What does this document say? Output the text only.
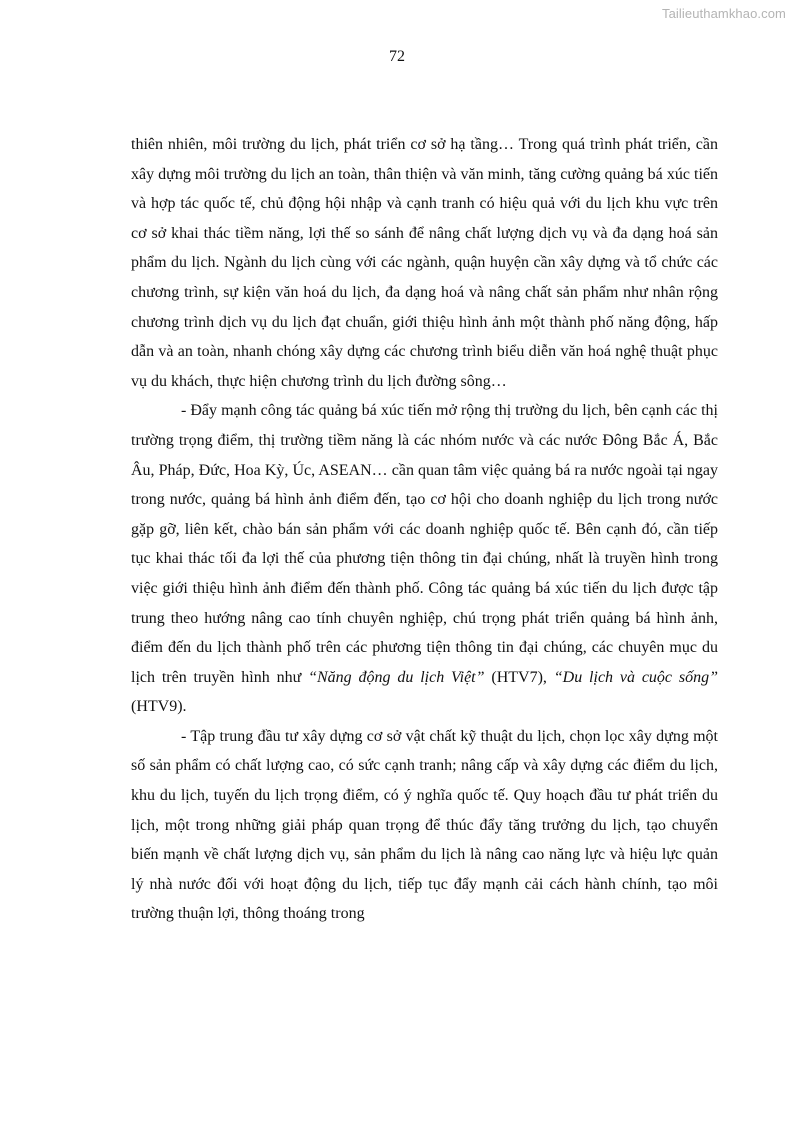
Tailieuthamkhao.com
72

thiên nhiên, môi trường du lịch, phát triển cơ sở hạ tầng… Trong quá trình phát triển, cần xây dựng môi trường du lịch an toàn, thân thiện và văn minh, tăng cường quảng bá xúc tiến và hợp tác quốc tế, chủ động hội nhập và cạnh tranh có hiệu quả với du lịch khu vực trên cơ sở khai thác tiềm năng, lợi thế so sánh để nâng chất lượng dịch vụ và đa dạng hoá sản phẩm du lịch. Ngành du lịch cùng với các ngành, quận huyện cần xây dựng và tổ chức các chương trình, sự kiện văn hoá du lịch, đa dạng hoá và nâng chất sản phẩm như nhân rộng chương trình dịch vụ du lịch đạt chuẩn, giới thiệu hình ảnh một thành phố năng động, hấp dẫn và an toàn, nhanh chóng xây dựng các chương trình biểu diễn văn hoá nghệ thuật phục vụ du khách, thực hiện chương trình du lịch đường sông…

- Đẩy mạnh công tác quảng bá xúc tiến mở rộng thị trường du lịch, bên cạnh các thị trường trọng điểm, thị trường tiềm năng là các nhóm nước và các nước Đông Bắc Á, Bắc Âu, Pháp, Đức, Hoa Kỳ, Úc, ASEAN… cần quan tâm việc quảng bá ra nước ngoài tại ngay trong nước, quảng bá hình ảnh điểm đến, tạo cơ hội cho doanh nghiệp du lịch trong nước gặp gỡ, liên kết, chào bán sản phẩm với các doanh nghiệp quốc tế. Bên cạnh đó, cần tiếp tục khai thác tối đa lợi thế của phương tiện thông tin đại chúng, nhất là truyền hình trong việc giới thiệu hình ảnh điểm đến thành phố. Công tác quảng bá xúc tiến du lịch được tập trung theo hướng nâng cao tính chuyên nghiệp, chú trọng phát triển quảng bá hình ảnh, điểm đến du lịch thành phố trên các phương tiện thông tin đại chúng, các chuyên mục du lịch trên truyền hình như “Năng động du lịch Việt” (HTV7), “Du lịch và cuộc sống” (HTV9).

- Tập trung đầu tư xây dựng cơ sở vật chất kỹ thuật du lịch, chọn lọc xây dựng một số sản phẩm có chất lượng cao, có sức cạnh tranh; nâng cấp và xây dựng các điểm du lịch, khu du lịch, tuyến du lịch trọng điểm, có ý nghĩa quốc tế. Quy hoạch đầu tư phát triển du lịch, một trong những giải pháp quan trọng để thúc đẩy tăng trưởng du lịch, tạo chuyển biến mạnh về chất lượng dịch vụ, sản phẩm du lịch là nâng cao năng lực và hiệu lực quản lý nhà nước đối với hoạt động du lịch, tiếp tục đẩy mạnh cải cách hành chính, tạo môi trường thuận lợi, thông thoáng trong
